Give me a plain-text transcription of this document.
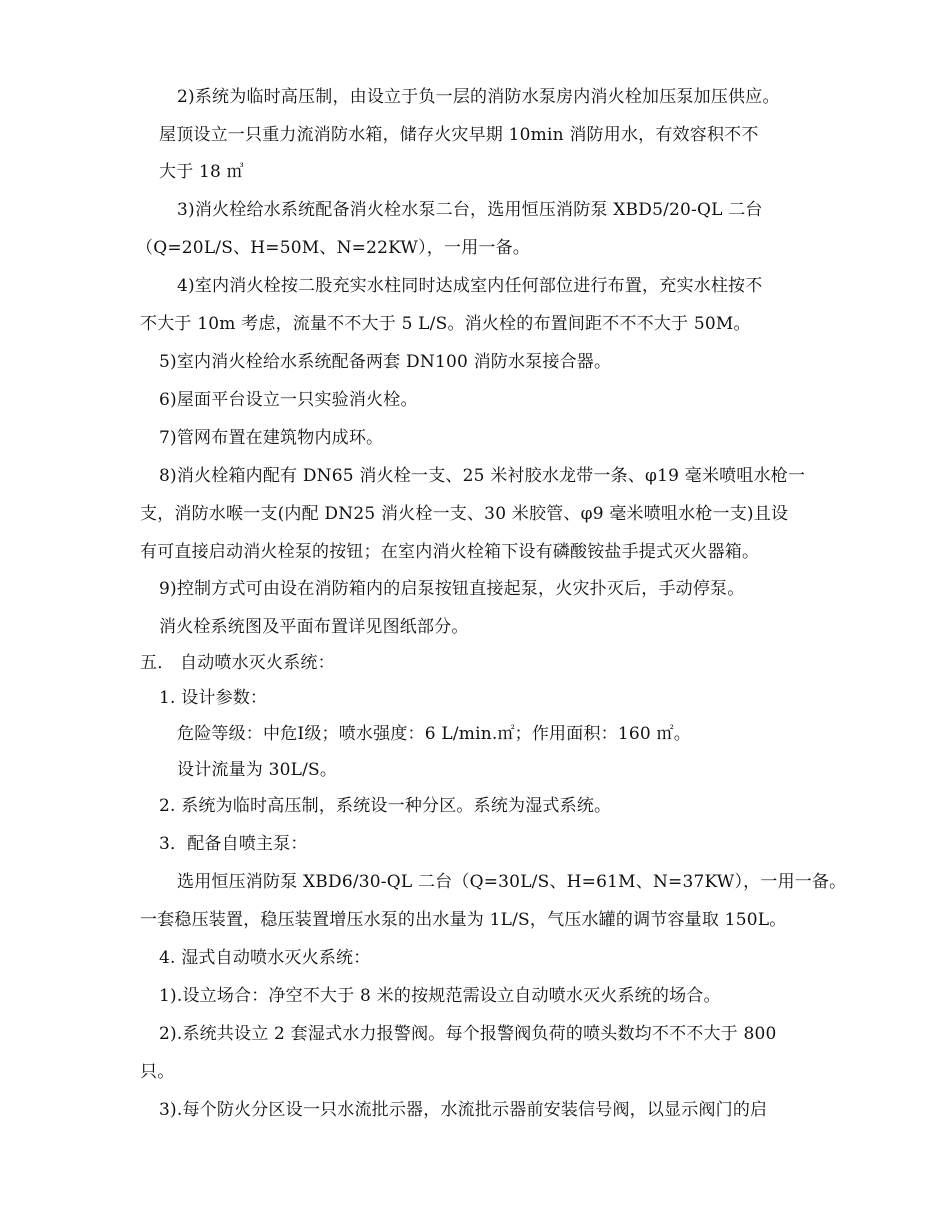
2)系统为临时高压制，由设立于负一层的消防水泵房内消火栓加压泵加压供应。
屋顶设立一只重力流消防水箱，储存火灾早期 10min 消防用水，有效容积不不
大于 18 ㎥
3)消火栓给水系统配备消火栓水泵二台，选用恒压消防泵 XBD5/20-QL 二台
（Q=20L/S、H=50M、N=22KW），一用一备。
4)室内消火栓按二股充实水柱同时达成室内任何部位进行布置，充实水柱按不
不大于 10m 考虑，流量不不大于 5 L/S。消火栓的布置间距不不不大于 50M。
5)室内消火栓给水系统配备两套 DN100 消防水泵接合器。
6)屋面平台设立一只实验消火栓。
7)管网布置在建筑物内成环。
8)消火栓箱内配有 DN65 消火栓一支、25 米衬胶水龙带一条、φ19 毫米喷咀水枪一
支，消防水喉一支(内配 DN25 消火栓一支、30 米胶管、φ9 毫米喷咀水枪一支)且设
有可直接启动消火栓泵的按钮；在室内消火栓箱下设有磷酸铵盐手提式灭火器箱。
9)控制方式可由设在消防箱内的启泵按钮直接起泵，火灾扑灭后，手动停泵。
消火栓系统图及平面布置详见图纸部分。
五． 自动喷水灭火系统：
1. 设计参数：
危险等级：中危Ⅰ级；喷水强度：6 L/min.㎡；作用面积：160 ㎡。
设计流量为 30L/S。
2. 系统为临时高压制，系统设一种分区。系统为湿式系统。
3．配备自喷主泵：
选用恒压消防泵 XBD6/30-QL 二台（Q=30L/S、H=61M、N=37KW），一用一备。
一套稳压装置，稳压装置增压水泵的出水量为 1L/S，气压水罐的调节容量取 150L。
4. 湿式自动喷水灭火系统：
1).设立场合：净空不大于 8 米的按规范需设立自动喷水灭火系统的场合。
2).系统共设立 2 套湿式水力报警阀。每个报警阀负荷的喷头数均不不不大于 800
只。
3).每个防火分区设一只水流批示器，水流批示器前安装信号阀，以显示阀门的启
